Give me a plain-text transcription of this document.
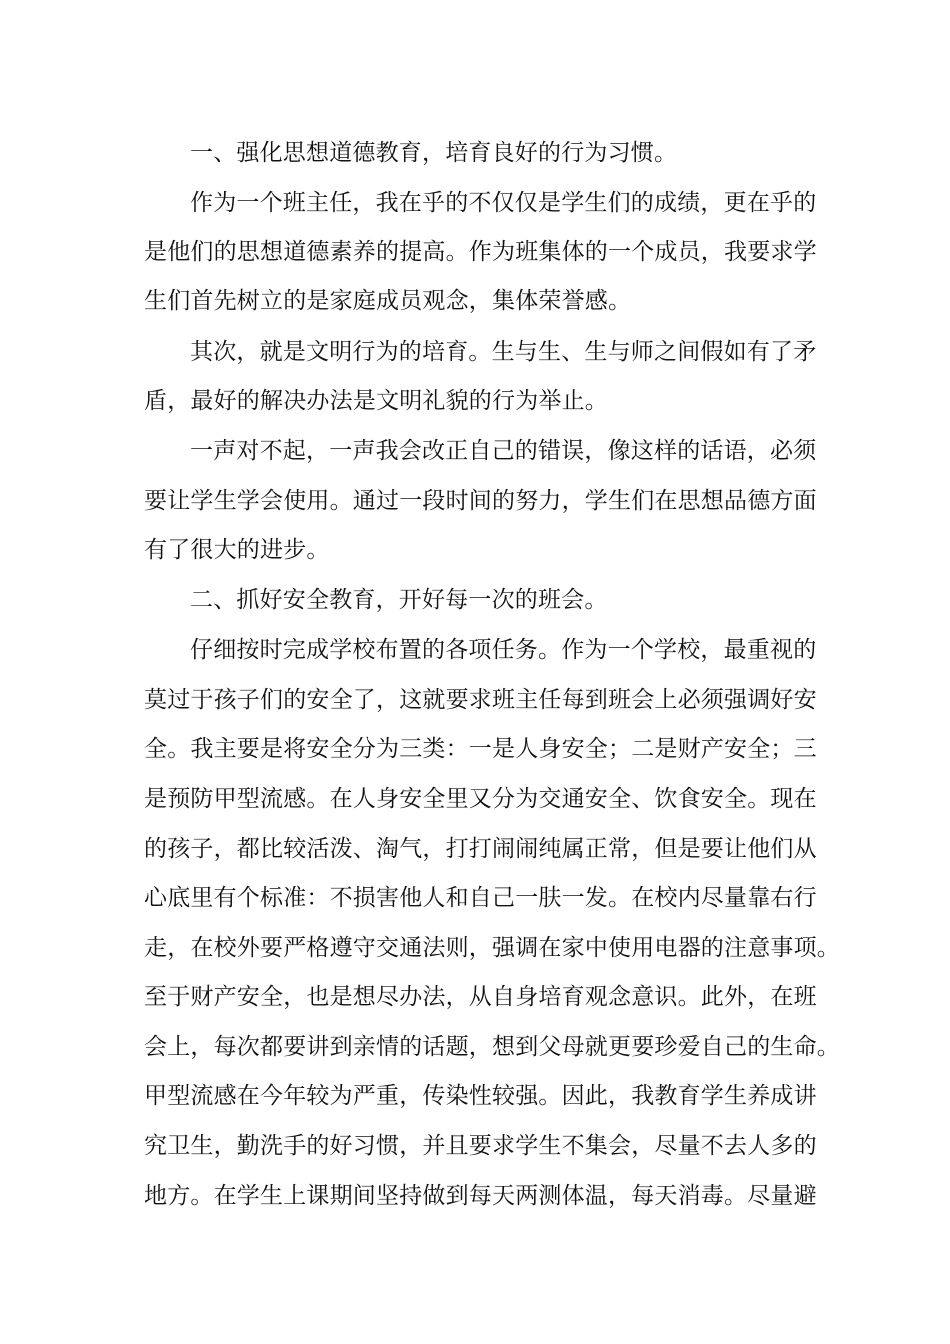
一、强化思想道德教育，培育良好的行为习惯。
作为一个班主任，我在乎的不仅仅是学生们的成绩，更在乎的
是他们的思想道德素养的提高。作为班集体的一个成员，我要求学
生们首先树立的是家庭成员观念，集体荣誉感。
其次，就是文明行为的培育。生与生、生与师之间假如有了矛
盾，最好的解决办法是文明礼貌的行为举止。
一声对不起，一声我会改正自己的错误，像这样的话语，必须
要让学生学会使用。通过一段时间的努力，学生们在思想品德方面
有了很大的进步。
二、抓好安全教育，开好每一次的班会。
仔细按时完成学校布置的各项任务。作为一个学校，最重视的
莫过于孩子们的安全了，这就要求班主任每到班会上必须强调好安
全。我主要是将安全分为三类：一是人身安全；二是财产安全；三
是预防甲型流感。在人身安全里又分为交通安全、饮食安全。现在
的孩子，都比较活泼、淘气，打打闹闹纯属正常，但是要让他们从
心底里有个标准：不损害他人和自己一肤一发。在校内尽量靠右行
走，在校外要严格遵守交通法则，强调在家中使用电器的注意事项。
至于财产安全，也是想尽办法，从自身培育观念意识。此外，在班
会上，每次都要讲到亲情的话题，想到父母就更要珍爱自己的生命。
甲型流感在今年较为严重，传染性较强。因此，我教育学生养成讲
究卫生，勤洗手的好习惯，并且要求学生不集会，尽量不去人多的
地方。在学生上课期间坚持做到每天两测体温，每天消毒。尽量避
